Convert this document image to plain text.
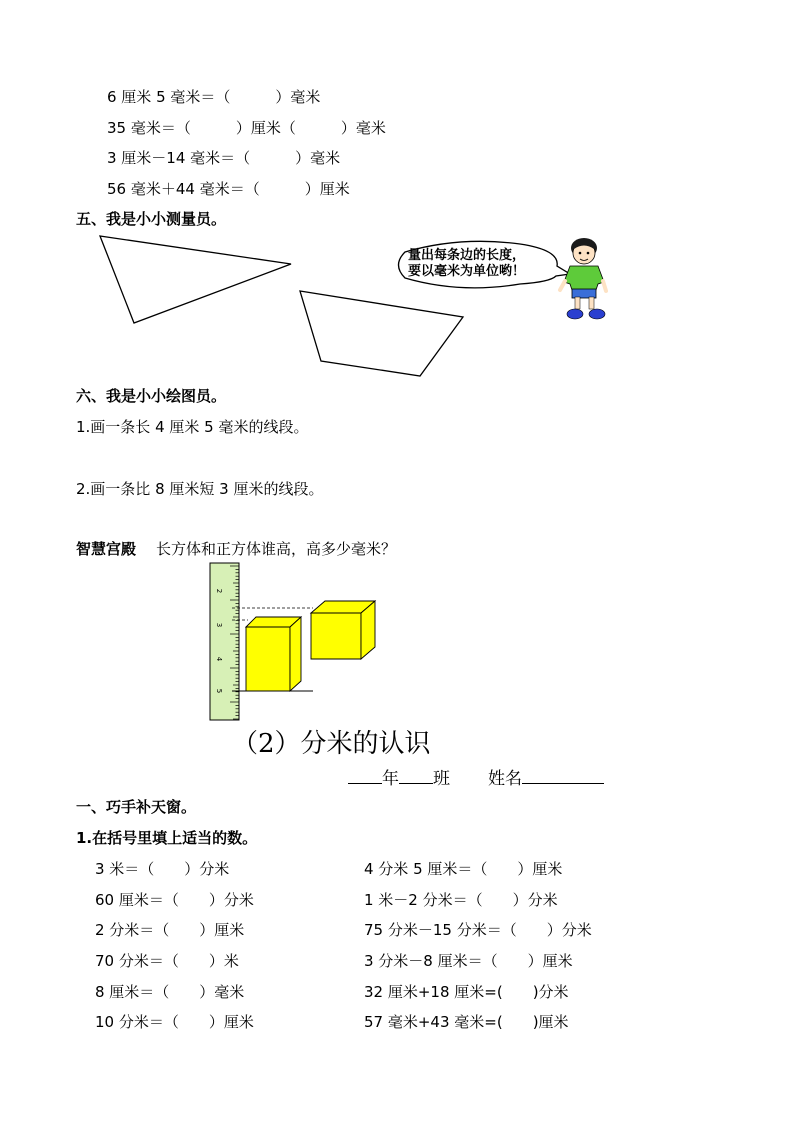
6 厘米 5 毫米＝（　　　）毫米
35 毫米＝（　　　）厘米（　　　）毫米
3 厘米－14 毫米＝（　　　）毫米
56 毫米＋44 毫米＝（　　　）厘米
五、我是小小测量员。
量出每条边的长度，
要以毫米为单位哟！
2
3
4
5
六、我是小小绘图员。
1.画一条长 4 厘米 5 毫米的线段。
2.画一条比 8 厘米短 3 厘米的线段。
智慧宫殿 长方体和正方体谁高，高多少毫米？
（2）分米的认识
年 班 姓名
一、巧手补天窗。
1.在括号里填上适当的数。
3 米＝（　　）分米
60 厘米＝（　　）分米
2 分米＝（　　）厘米
70 分米＝（　　）米
8 厘米＝（　　）毫米
10 分米＝（　　）厘米
4 分米 5 厘米＝（　　）厘米
1 米－2 分米＝（　　）分米
75 分米－15 分米＝（　　）分米
3 分米－8 厘米＝（　　）厘米
32 厘米+18 厘米=(　　)分米
57 毫米+43 毫米=(　　)厘米
